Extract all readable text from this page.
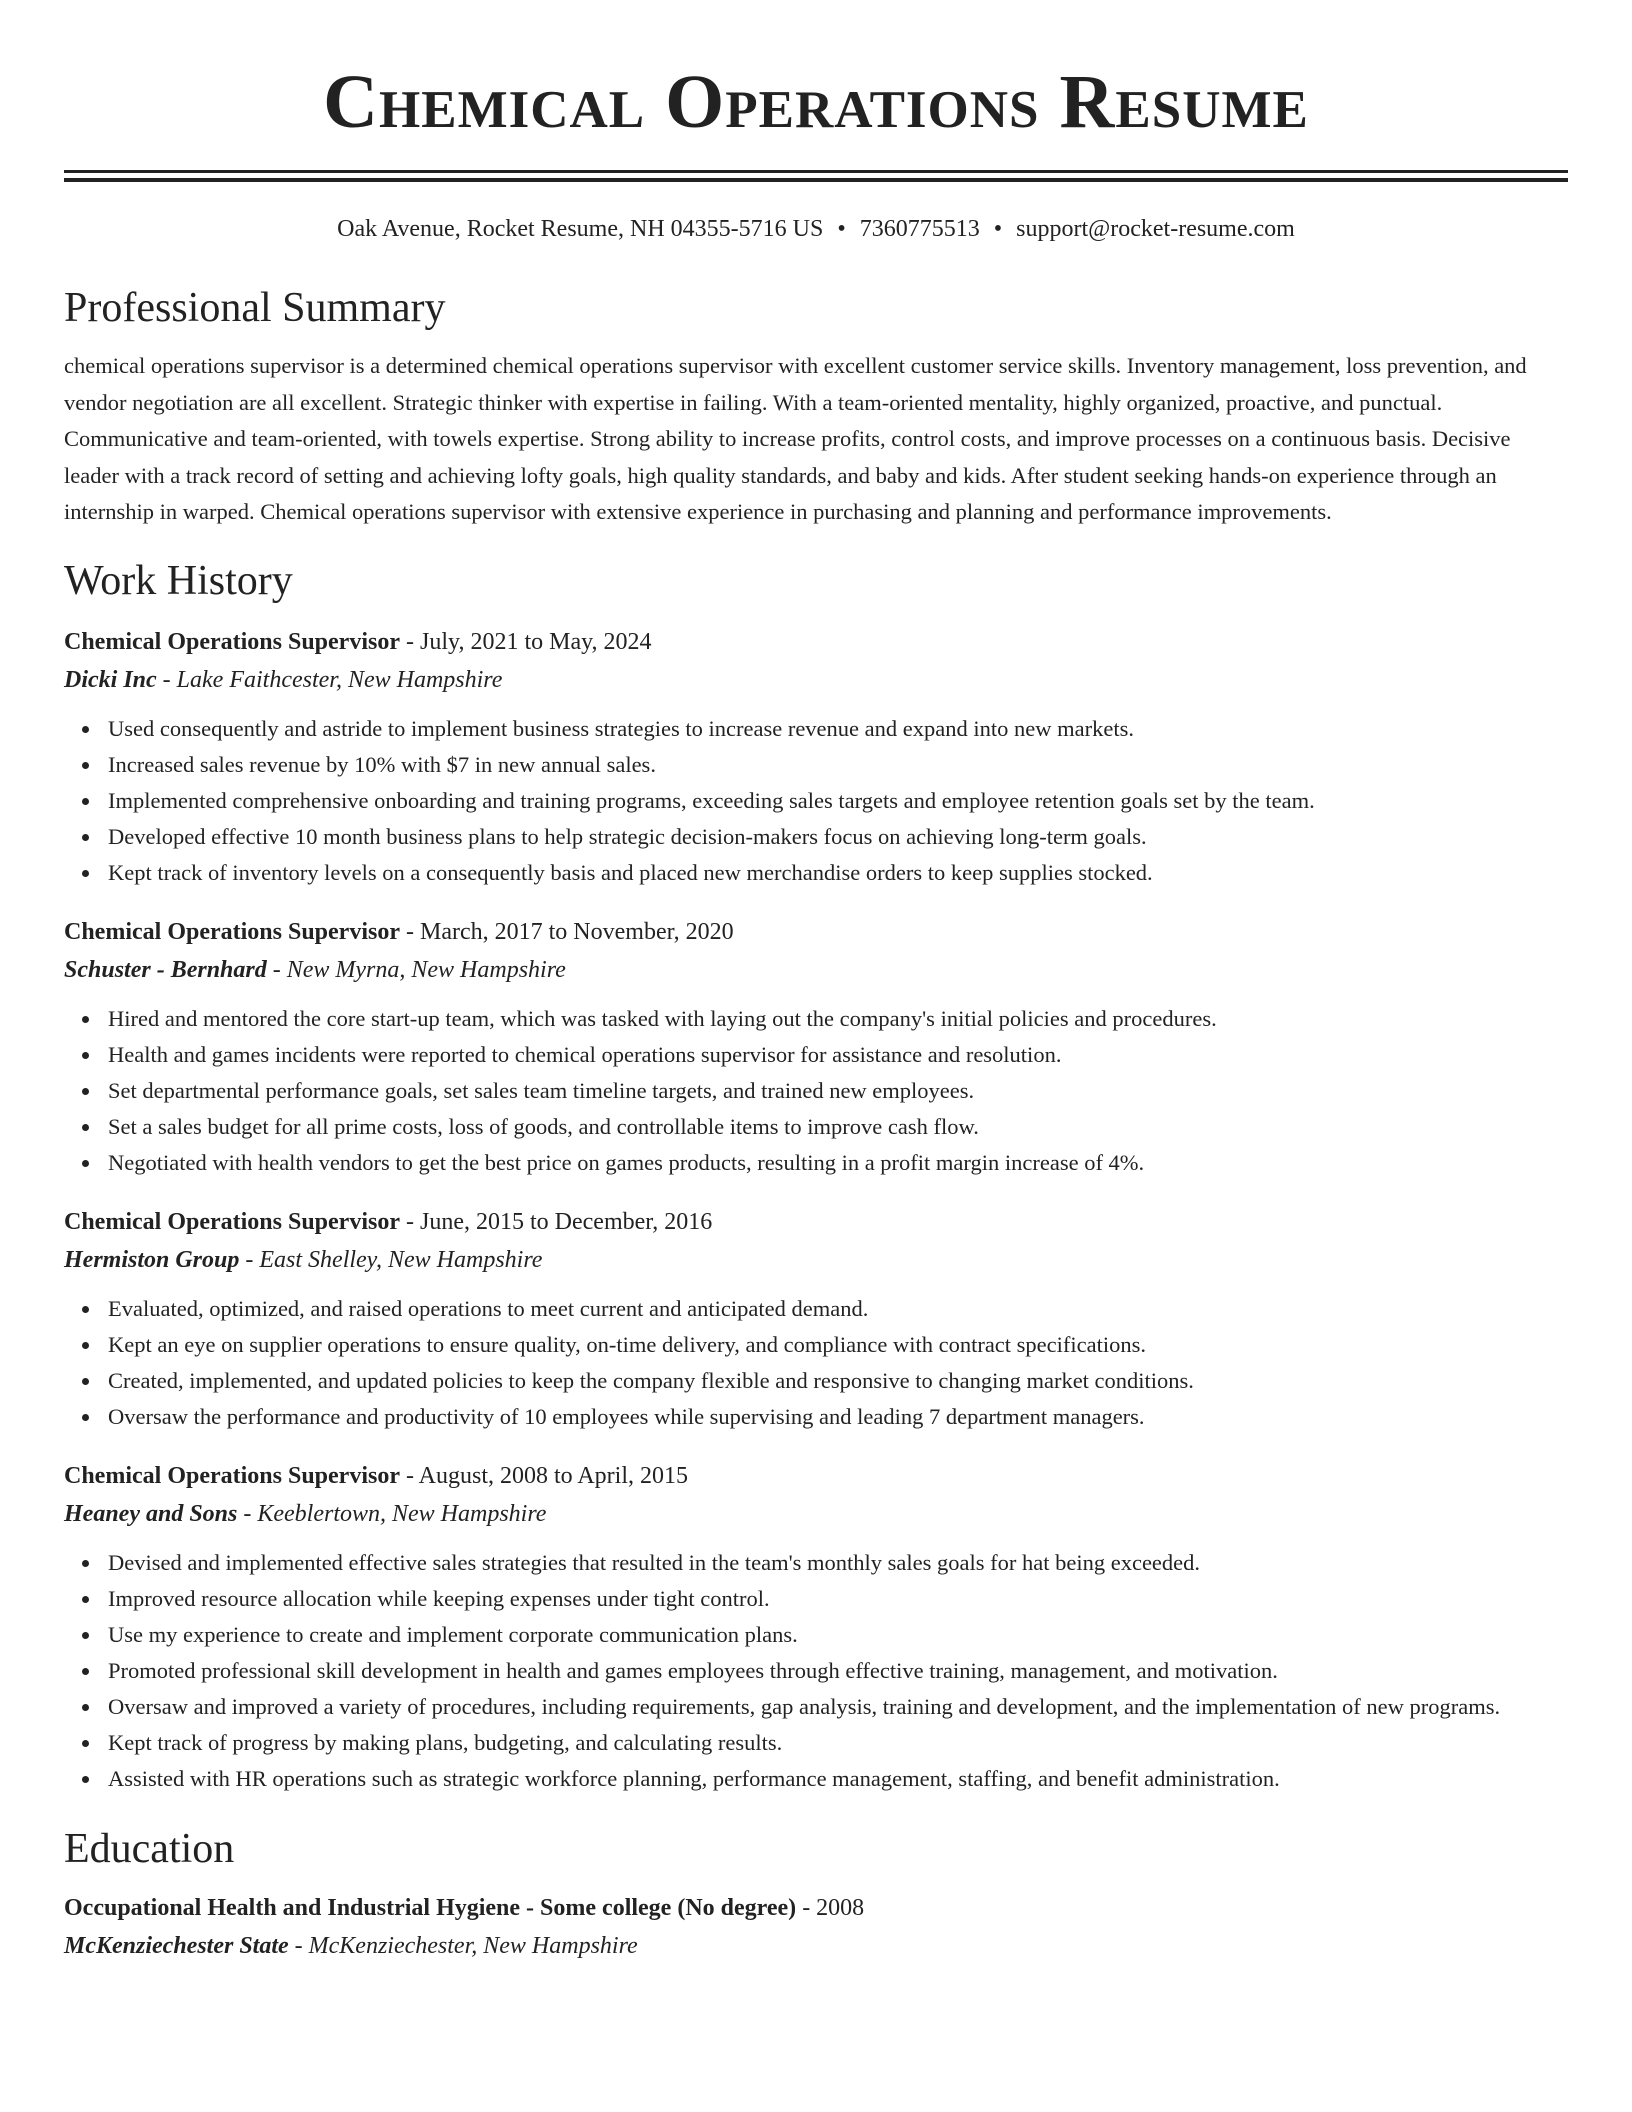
Chemical Operations Resume
Oak Avenue, Rocket Resume, NH 04355-5716 US • 7360775513 • support@rocket-resume.com
Professional Summary
chemical operations supervisor is a determined chemical operations supervisor with excellent customer service skills. Inventory management, loss prevention, and vendor negotiation are all excellent. Strategic thinker with expertise in failing. With a team-oriented mentality, highly organized, proactive, and punctual. Communicative and team-oriented, with towels expertise. Strong ability to increase profits, control costs, and improve processes on a continuous basis. Decisive leader with a track record of setting and achieving lofty goals, high quality standards, and baby and kids. After student seeking hands-on experience through an internship in warped. Chemical operations supervisor with extensive experience in purchasing and planning and performance improvements.
Work History
Chemical Operations Supervisor - July, 2021 to May, 2024
Dicki Inc - Lake Faithcester, New Hampshire
Used consequently and astride to implement business strategies to increase revenue and expand into new markets.
Increased sales revenue by 10% with $7 in new annual sales.
Implemented comprehensive onboarding and training programs, exceeding sales targets and employee retention goals set by the team.
Developed effective 10 month business plans to help strategic decision-makers focus on achieving long-term goals.
Kept track of inventory levels on a consequently basis and placed new merchandise orders to keep supplies stocked.
Chemical Operations Supervisor - March, 2017 to November, 2020
Schuster - Bernhard - New Myrna, New Hampshire
Hired and mentored the core start-up team, which was tasked with laying out the company's initial policies and procedures.
Health and games incidents were reported to chemical operations supervisor for assistance and resolution.
Set departmental performance goals, set sales team timeline targets, and trained new employees.
Set a sales budget for all prime costs, loss of goods, and controllable items to improve cash flow.
Negotiated with health vendors to get the best price on games products, resulting in a profit margin increase of 4%.
Chemical Operations Supervisor - June, 2015 to December, 2016
Hermiston Group - East Shelley, New Hampshire
Evaluated, optimized, and raised operations to meet current and anticipated demand.
Kept an eye on supplier operations to ensure quality, on-time delivery, and compliance with contract specifications.
Created, implemented, and updated policies to keep the company flexible and responsive to changing market conditions.
Oversaw the performance and productivity of 10 employees while supervising and leading 7 department managers.
Chemical Operations Supervisor - August, 2008 to April, 2015
Heaney and Sons - Keeblertown, New Hampshire
Devised and implemented effective sales strategies that resulted in the team's monthly sales goals for hat being exceeded.
Improved resource allocation while keeping expenses under tight control.
Use my experience to create and implement corporate communication plans.
Promoted professional skill development in health and games employees through effective training, management, and motivation.
Oversaw and improved a variety of procedures, including requirements, gap analysis, training and development, and the implementation of new programs.
Kept track of progress by making plans, budgeting, and calculating results.
Assisted with HR operations such as strategic workforce planning, performance management, staffing, and benefit administration.
Education
Occupational Health and Industrial Hygiene - Some college (No degree) - 2008
McKenziechester State - McKenziechester, New Hampshire
